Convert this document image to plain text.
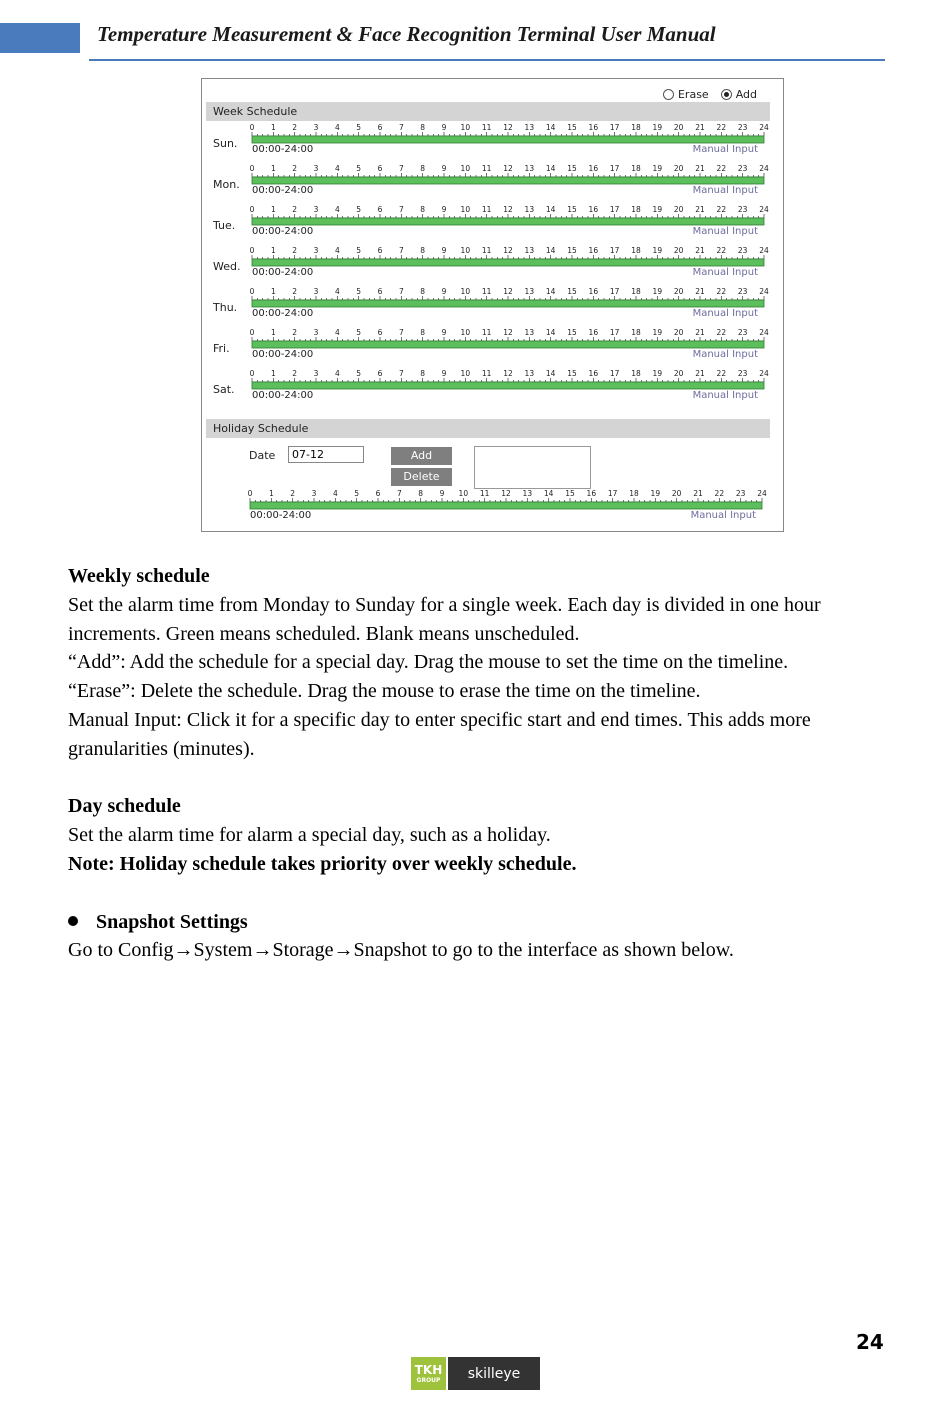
Temperature Measurement & Face Recognition Terminal User Manual
Erase Add
Week Schedule
Sun.
0 1 2 3 4 5 6 7 8 9 10 11 12 13 14 15 16 17 18 19 20 21 22 23 24
00:00-24:00	Manual Input
Mon.
0 1 2 3 4 5 6 7 8 9 10 11 12 13 14 15 16 17 18 19 20 21 22 23 24
00:00-24:00	Manual Input
Tue.
0 1 2 3 4 5 6 7 8 9 10 11 12 13 14 15 16 17 18 19 20 21 22 23 24
00:00-24:00	Manual Input
Wed.
0 1 2 3 4 5 6 7 8 9 10 11 12 13 14 15 16 17 18 19 20 21 22 23 24
00:00-24:00	Manual Input
Thu.
0 1 2 3 4 5 6 7 8 9 10 11 12 13 14 15 16 17 18 19 20 21 22 23 24
00:00-24:00	Manual Input
Fri.
0 1 2 3 4 5 6 7 8 9 10 11 12 13 14 15 16 17 18 19 20 21 22 23 24
00:00-24:00	Manual Input
Sat.
0 1 2 3 4 5 6 7 8 9 10 11 12 13 14 15 16 17 18 19 20 21 22 23 24
00:00-24:00	Manual Input
Holiday Schedule
Date
07-12	Add
Delete
0 1 2 3 4 5 6 7 8 9 10 11 12 13 14 15 16 17 18 19 20 21 22 23 24
00:00-24:00	Manual Input

Weekly schedule

Set the alarm time from Monday to Sunday for a single week. Each day is divided in one hour increments. Green means scheduled. Blank means unscheduled.

“Add”: Add the schedule for a special day. Drag the mouse to set the time on the timeline.

“Erase”: Delete the schedule. Drag the mouse to erase the time on the timeline.

Manual Input: Click it for a specific day to enter specific start and end times. This adds more granularities (minutes).

Day schedule

Set the alarm time for alarm a special day, such as a holiday.

Note: Holiday schedule takes priority over weekly schedule.

Snapshot Settings

Go to Config→System→Storage→Snapshot to go to the interface as shown below.

24
TKH
GROUP	skilleye
